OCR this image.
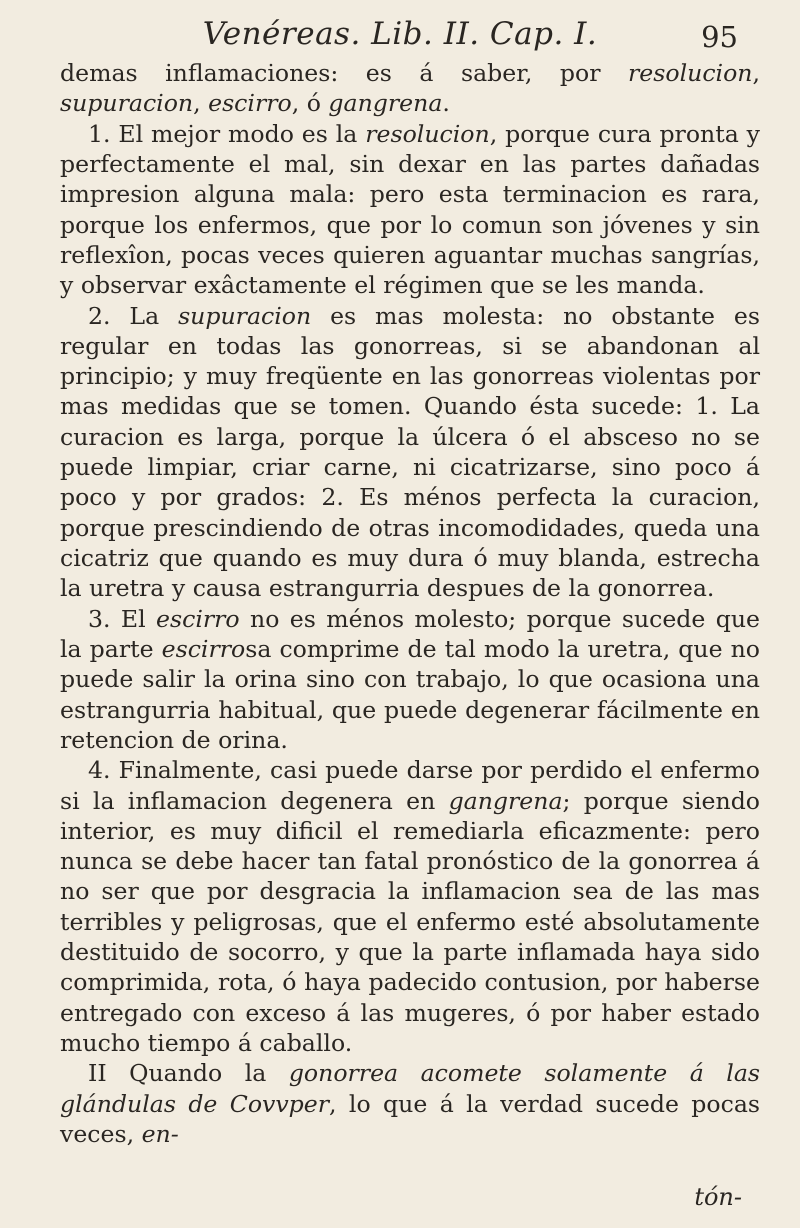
Venéreas. Lib. II. Cap. I.	95

demas inflamaciones: es á saber, por resolucion, supuracion, escirro, ó gangrena.

1. El mejor modo es la resolucion, porque cura pronta y perfectamente el mal, sin dexar en las partes dañadas impresion alguna mala: pero esta terminacion es rara, porque los enfermos, que por lo comun son jóvenes y sin reflexîon, pocas veces quieren aguantar muchas sangrías, y observar exâctamente el régimen que se les manda.

2. La supuracion es mas molesta: no obstante es regular en todas las gonorreas, si se abandonan al principio; y muy freqüente en las gonorreas violentas por mas medidas que se tomen. Quando ésta sucede: 1. La curacion es larga, porque la úlcera ó el absceso no se puede limpiar, criar carne, ni cicatrizarse, sino poco á poco y por grados: 2. Es ménos perfecta la curacion, porque prescindiendo de otras incomodidades, queda una cicatriz que quando es muy dura ó muy blanda, estrecha la uretra y causa estrangurria despues de la gonorrea.

3. El escirro no es ménos molesto; porque sucede que la parte escirrosa comprime de tal modo la uretra, que no puede salir la orina sino con trabajo, lo que ocasiona una estrangurria habitual, que puede degenerar fácilmente en retencion de orina.

4. Finalmente, casi puede darse por perdido el enfermo si la inflamacion degenera en gangrena; porque siendo interior, es muy dificil el remediarla eficazmente: pero nunca se debe hacer tan fatal pronóstico de la gonorrea á no ser que por desgracia la inflamacion sea de las mas terribles y peligrosas, que el enfermo esté absolutamente destituido de socorro, y que la parte inflamada haya sido comprimida, rota, ó haya padecido contusion, por haberse entregado con exceso á las mugeres, ó por haber estado mucho tiempo á caballo.

II Quando la gonorrea acomete solamente á las glándulas de Covvper, lo que á la verdad sucede pocas veces, en-

tón-
